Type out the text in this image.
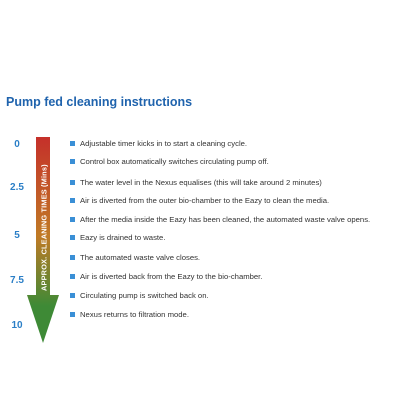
Pump fed cleaning instructions
0
2.5
5
7.5
10
APPROX. CLEANING TIMES (Mins)
Adjustable timer kicks in to start a cleaning cycle.
Control box automatically switches circulating pump off.
The water level in the Nexus equalises (this will take around 2 minutes)
Air is diverted from the outer bio-chamber to the Eazy to clean the media.
After the media inside the Eazy has been cleaned, the automated waste valve opens.
Eazy is drained to waste.
The automated waste valve closes.
Air is diverted back from the Eazy to the bio-chamber.
Circulating pump is switched back on.
Nexus returns to filtration mode.
